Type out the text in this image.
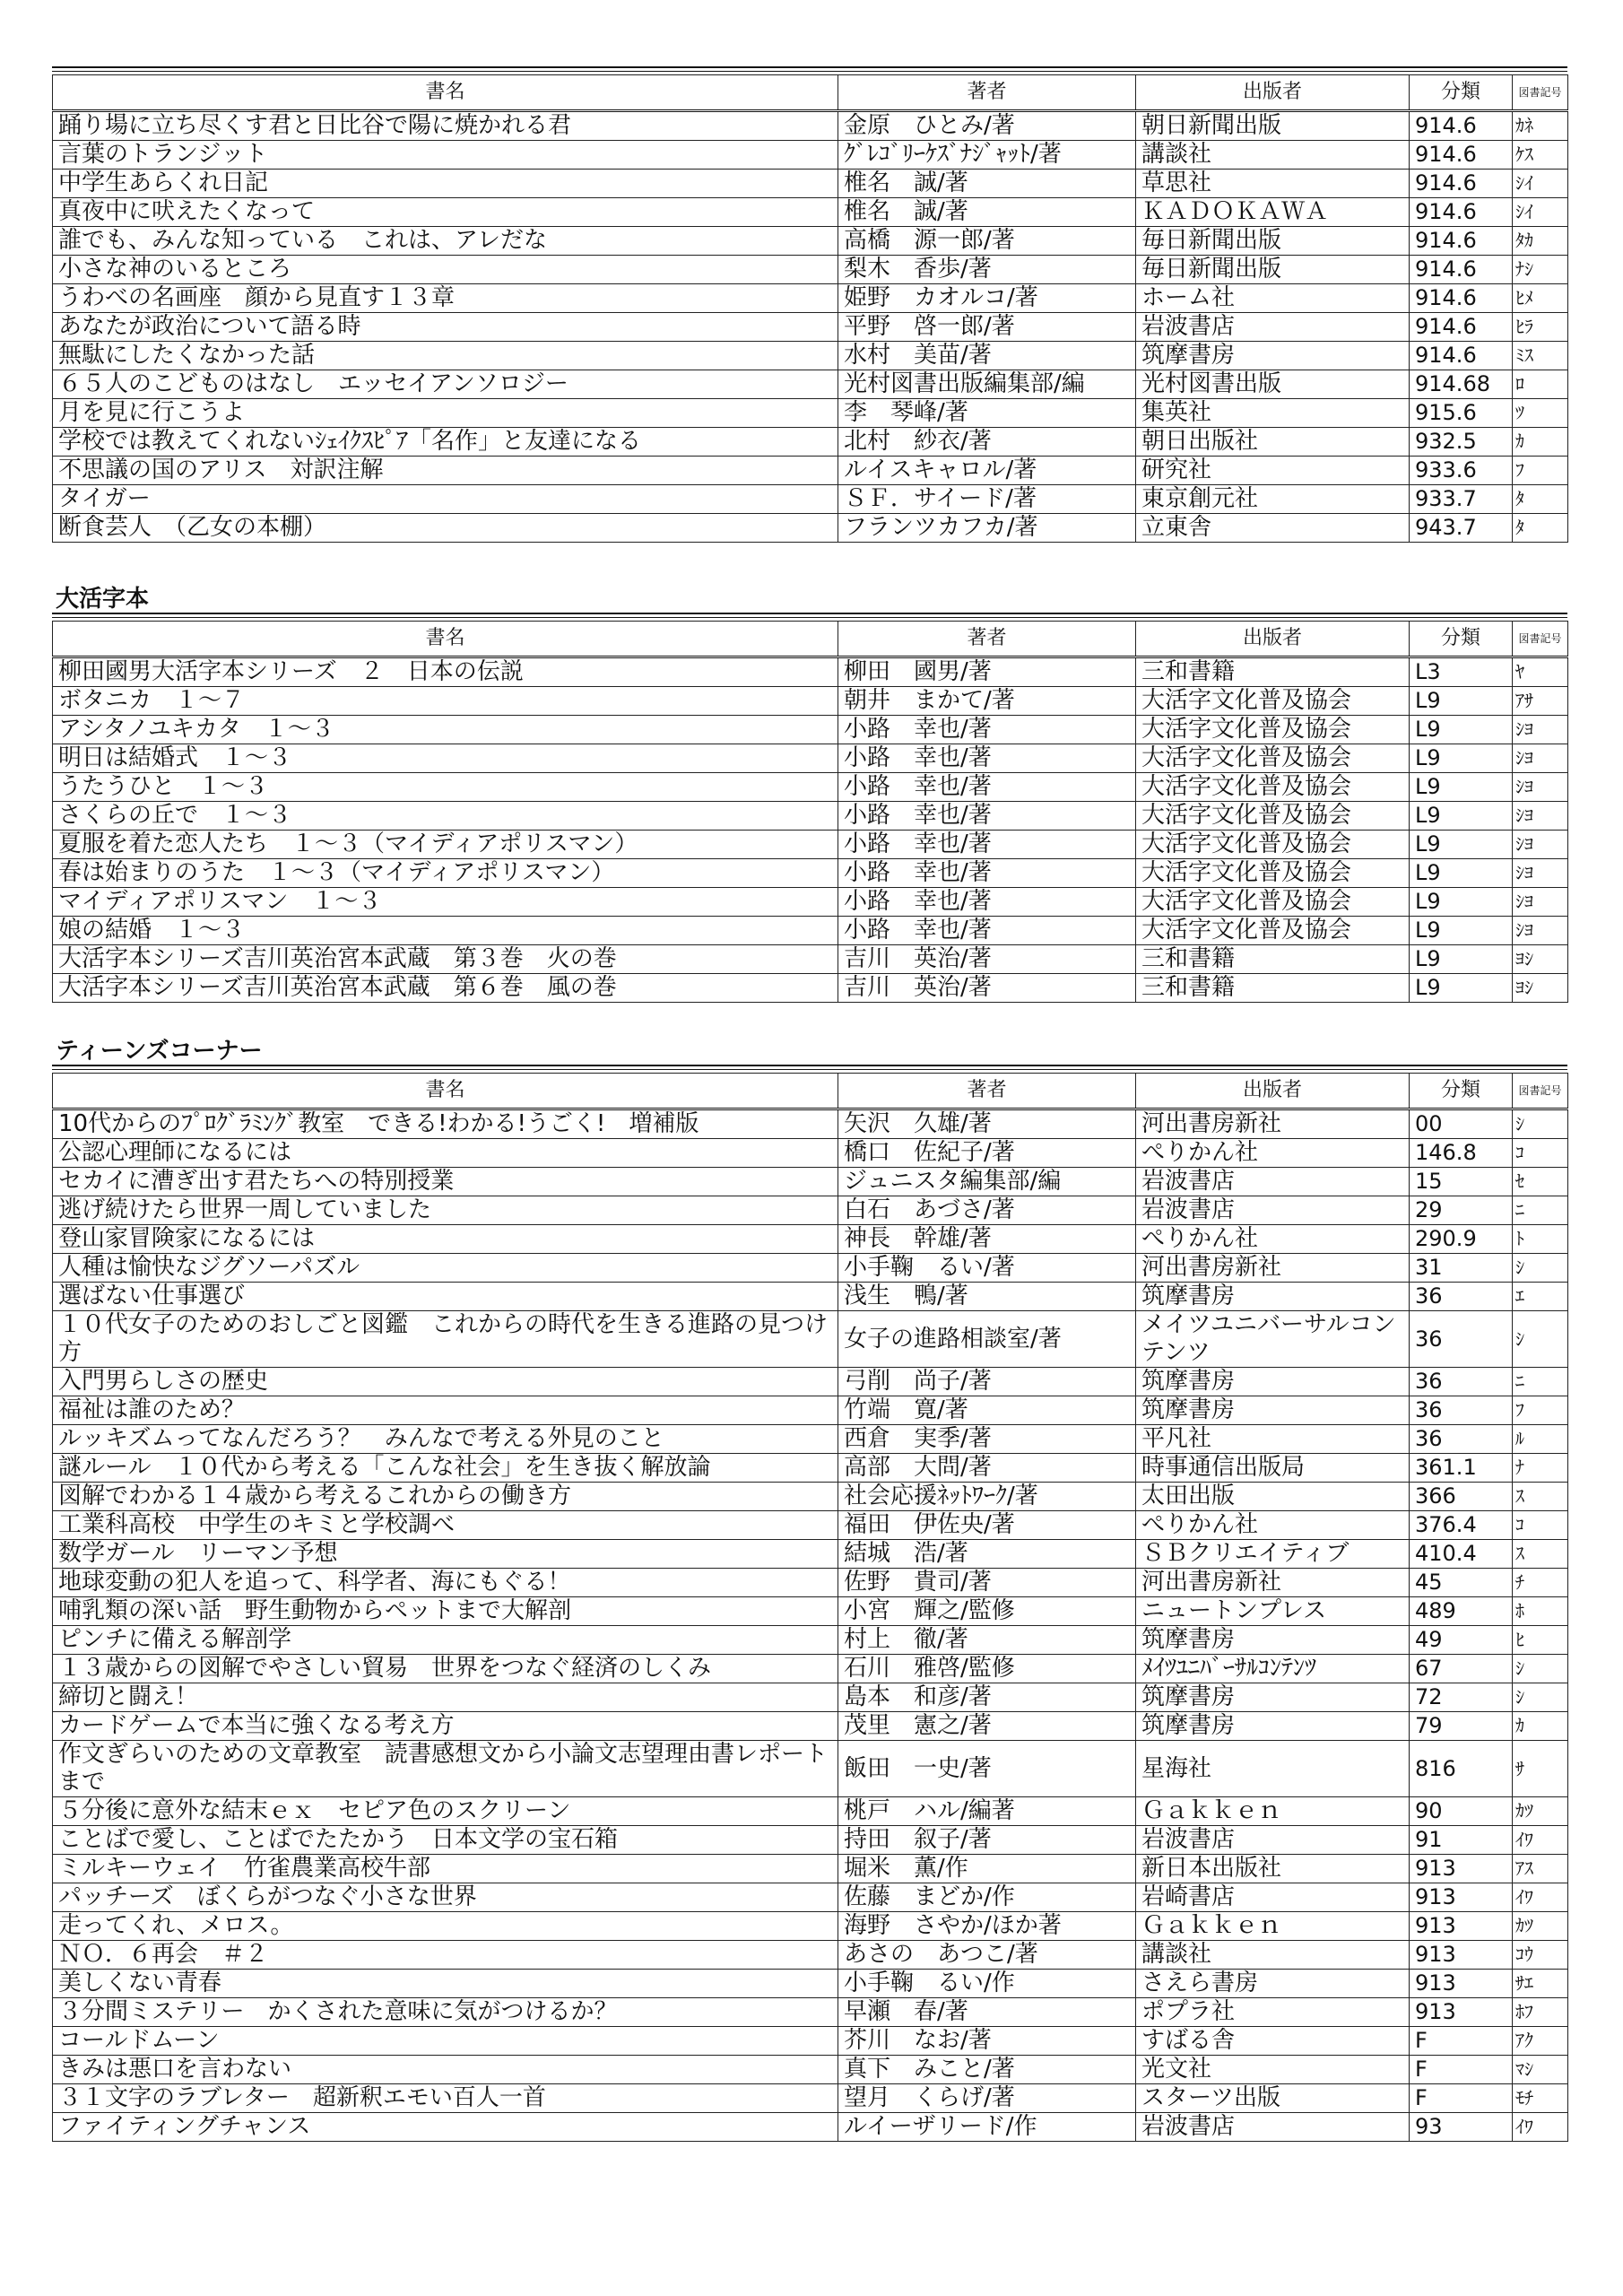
書名	著者	出版者	分類	図書記号
踊り場に立ち尽くす君と日比谷で陽に焼かれる君	金原　ひとみ/著	朝日新聞出版	914.6	ｶﾈ
言葉のトランジット	ｸﾞﾚｺﾞﾘｰｹｽﾞﾅｼﾞｬｯﾄ/著	講談社	914.6	ｹｽ
中学生あらくれ日記	椎名　誠/著	草思社	914.6	ｼｲ
真夜中に吠えたくなって	椎名　誠/著	ＫＡＤＯＫＡＷＡ	914.6	ｼｲ
誰でも、みんな知っている　これは、アレだな	高橋　源一郎/著	毎日新聞出版	914.6	ﾀｶ
小さな神のいるところ	梨木　香歩/著	毎日新聞出版	914.6	ﾅｼ
うわべの名画座　顔から見直す１３章	姫野　カオルコ/著	ホーム社	914.6	ﾋﾒ
あなたが政治について語る時	平野　啓一郎/著	岩波書店	914.6	ﾋﾗ
無駄にしたくなかった話	水村　美苗/著	筑摩書房	914.6	ﾐｽ
６５人のこどものはなし　エッセイアンソロジー	光村図書出版編集部/編	光村図書出版	914.68	ﾛ
月を見に行こうよ	李　琴峰/著	集英社	915.6	ﾂ
学校では教えてくれないｼｪｲｸｽﾋﾟｱ「名作」と友達になる	北村　紗衣/著	朝日出版社	932.5	ｶ
不思議の国のアリス　対訳注解	ルイスキャロル/著	研究社	933.6	ﾌ
タイガー	ＳＦ．サイード/著	東京創元社	933.7	ﾀ
断食芸人　（乙女の本棚）	フランツカフカ/著	立東舎	943.7	ﾀ
大活字本
書名	著者	出版者	分類	図書記号
柳田國男大活字本シリーズ　２　日本の伝説	柳田　國男/著	三和書籍	L3	ﾔ
ボタニカ　１～７	朝井　まかて/著	大活字文化普及協会	L9	ｱｻ
アシタノユキカタ　１～３	小路　幸也/著	大活字文化普及協会	L9	ｼﾖ
明日は結婚式　１～３	小路　幸也/著	大活字文化普及協会	L9	ｼﾖ
うたうひと　１～３	小路　幸也/著	大活字文化普及協会	L9	ｼﾖ
さくらの丘で　１～３	小路　幸也/著	大活字文化普及協会	L9	ｼﾖ
夏服を着た恋人たち　１～３（マイディアポリスマン）	小路　幸也/著	大活字文化普及協会	L9	ｼﾖ
春は始まりのうた　１～３（マイディアポリスマン）	小路　幸也/著	大活字文化普及協会	L9	ｼﾖ
マイディアポリスマン　１～３	小路　幸也/著	大活字文化普及協会	L9	ｼﾖ
娘の結婚　１～３	小路　幸也/著	大活字文化普及協会	L9	ｼﾖ
大活字本シリーズ吉川英治宮本武蔵　第３巻　火の巻	吉川　英治/著	三和書籍	L9	ﾖｼ
大活字本シリーズ吉川英治宮本武蔵　第６巻　風の巻	吉川　英治/著	三和書籍	L9	ﾖｼ
ティーンズコーナー
書名	著者	出版者	分類	図書記号
10代からのﾌﾟﾛｸﾞﾗﾐﾝｸﾞ教室　できる!わかる!うごく!　増補版	矢沢　久雄/著	河出書房新社	00	ｼ
公認心理師になるには	橋口　佐紀子/著	ぺりかん社	146.8	ｺ
セカイに漕ぎ出す君たちへの特別授業	ジュニスタ編集部/編	岩波書店	15	ｾ
逃げ続けたら世界一周していました	白石　あづさ/著	岩波書店	29	ﾆ
登山家冒険家になるには	神長　幹雄/著	ぺりかん社	290.9	ﾄ
人種は愉快なジグソーパズル	小手鞠　るい/著	河出書房新社	31	ｼ
選ばない仕事選び	浅生　鴨/著	筑摩書房	36	ｴ
１０代女子のためのおしごと図鑑　これからの時代を生きる進路の見つけ方	女子の進路相談室/著	メイツユニバーサルコンテンツ	36	ｼ
入門男らしさの歴史	弓削　尚子/著	筑摩書房	36	ﾆ
福祉は誰のため？	竹端　寛/著	筑摩書房	36	ﾌ
ルッキズムってなんだろう？　みんなで考える外見のこと	西倉　実季/著	平凡社	36	ﾙ
謎ルール　１０代から考える「こんな社会」を生き抜く解放論	高部　大問/著	時事通信出版局	361.1	ﾅ
図解でわかる１４歳から考えるこれからの働き方	社会応援ﾈｯﾄﾜｰｸ/著	太田出版	366	ｽ
工業科高校　中学生のキミと学校調べ	福田　伊佐央/著	ぺりかん社	376.4	ｺ
数学ガール　リーマン予想	結城　浩/著	ＳＢクリエイティブ	410.4	ｽ
地球変動の犯人を追って、科学者、海にもぐる！	佐野　貴司/著	河出書房新社	45	ﾁ
哺乳類の深い話　野生動物からペットまで大解剖	小宮　輝之/監修	ニュートンプレス	489	ﾎ
ピンチに備える解剖学	村上　徹/著	筑摩書房	49	ﾋ
１３歳からの図解でやさしい貿易　世界をつなぐ経済のしくみ	石川　雅啓/監修	ﾒｲﾂﾕﾆﾊﾞｰｻﾙｺﾝﾃﾝﾂ	67	ｼ
締切と闘え！	島本　和彦/著	筑摩書房	72	ｼ
カードゲームで本当に強くなる考え方	茂里　憲之/著	筑摩書房	79	ｶ
作文ぎらいのための文章教室　読書感想文から小論文志望理由書レポートまで	飯田　一史/著	星海社	816	ｻ
５分後に意外な結末ｅｘ　セピア色のスクリーン	桃戸　ハル/編著	Ｇａｋｋｅｎ	90	ｶﾂ
ことばで愛し、ことばでたたかう　日本文学の宝石箱	持田　叙子/著	岩波書店	91	ｲﾜ
ミルキーウェイ　竹雀農業高校牛部	堀米　薫/作	新日本出版社	913	ｱｽ
パッチーズ　ぼくらがつなぐ小さな世界	佐藤　まどか/作	岩崎書店	913	ｲﾜ
走ってくれ、メロス。	海野　さやか/ほか著	Ｇａｋｋｅｎ	913	ｶﾂ
ＮＯ．６再会　＃２	あさの　あつこ/著	講談社	913	ｺｳ
美しくない青春	小手鞠　るい/作	さえら書房	913	ｻｴ
３分間ミステリー　かくされた意味に気がつけるか？	早瀬　春/著	ポプラ社	913	ﾎﾌ
コールドムーン	芥川　なお/著	すばる舎	F	ｱｸ
きみは悪口を言わない	真下　みこと/著	光文社	F	ﾏｼ
３１文字のラブレター　超新釈エモい百人一首	望月　くらげ/著	スターツ出版	F	ﾓﾁ
ファイティングチャンス	ルイーザリード/作	岩波書店	93	ｲﾜ
